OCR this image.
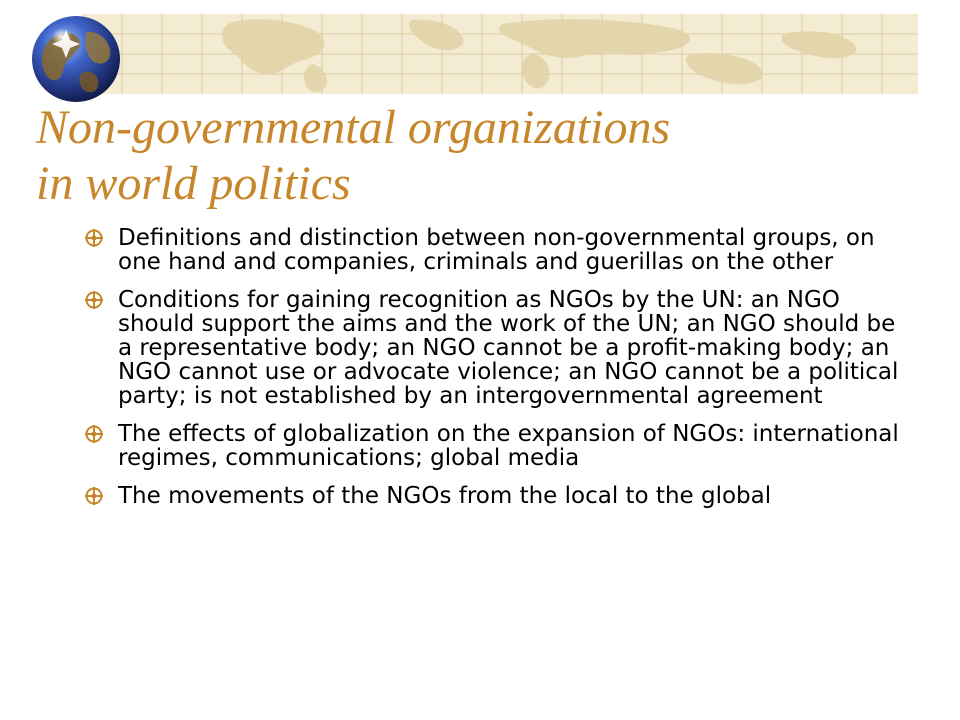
Non-governmental organizations
in world politics
Definitions and distinction between non-governmental groups, on one hand and companies, criminals and guerillas on the other
Conditions for gaining recognition as NGOs by the UN: an NGO should support the aims and the work of the UN; an NGO should be a representative body; an NGO cannot be a profit-making body; an NGO cannot use or advocate violence; an NGO cannot be a political party; is not established by an intergovernmental agreement
The effects of globalization on the expansion of NGOs: international regimes, communications; global media
The movements of the NGOs from the local to the global
